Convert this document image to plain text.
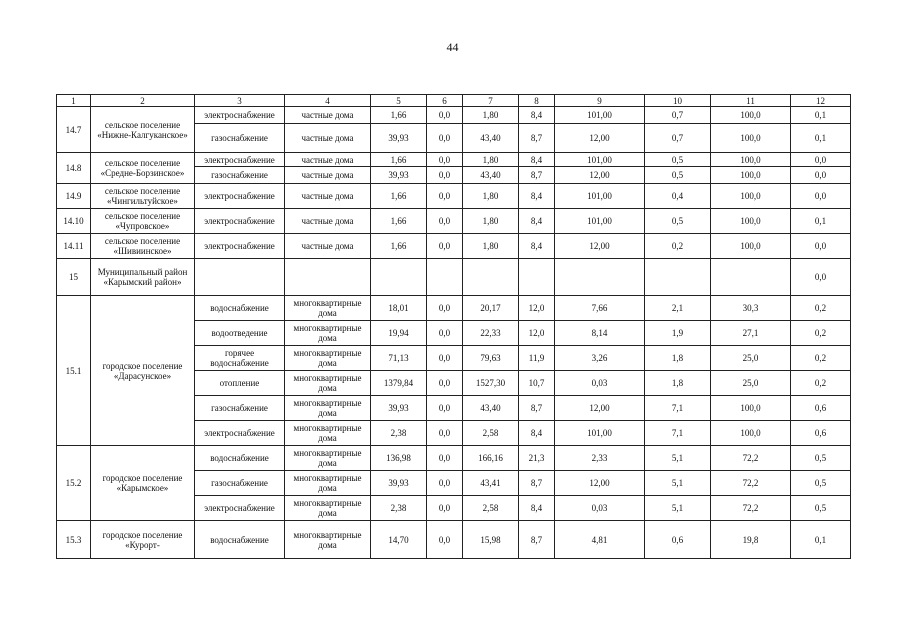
44
1	2	3	4	5	6	7	8	9	10	11	12
14.7	сельское поселение «Нижне-Калгуканское»	электроснабжение	частные дома	1,66	0,0	1,80	8,4	101,00	0,7	100,0	0,1
		газоснабжение	частные дома	39,93	0,0	43,40	8,7	12,00	0,7	100,0	0,1
14.8	сельское поселение «Средне-Борзинское»	электроснабжение	частные дома	1,66	0,0	1,80	8,4	101,00	0,5	100,0	0,0
		газоснабжение	частные дома	39,93	0,0	43,40	8,7	12,00	0,5	100,0	0,0
14.9	сельское поселение «Чингильтуйское»	электроснабжение	частные дома	1,66	0,0	1,80	8,4	101,00	0,4	100,0	0,0
14.10	сельское поселение «Чупровское»	электроснабжение	частные дома	1,66	0,0	1,80	8,4	101,00	0,5	100,0	0,1
14.11	сельское поселение «Шивиинское»	электроснабжение	частные дома	1,66	0,0	1,80	8,4	12,00	0,2	100,0	0,0
15	Муниципальный район «Карымский район»										0,0
15.1	городское поселение «Дарасунское»	водоснабжение	многоквартирные дома	18,01	0,0	20,17	12,0	7,66	2,1	30,3	0,2
		водоотведение	многоквартирные дома	19,94	0,0	22,33	12,0	8,14	1,9	27,1	0,2
		горячее водоснабжение	многоквартирные дома	71,13	0,0	79,63	11,9	3,26	1,8	25,0	0,2
		отопление	многоквартирные дома	1379,84	0,0	1527,30	10,7	0,03	1,8	25,0	0,2
		газоснабжение	многоквартирные дома	39,93	0,0	43,40	8,7	12,00	7,1	100,0	0,6
		электроснабжение	многоквартирные дома	2,38	0,0	2,58	8,4	101,00	7,1	100,0	0,6
15.2	городское поселение «Карымское»	водоснабжение	многоквартирные дома	136,98	0,0	166,16	21,3	2,33	5,1	72,2	0,5
		газоснабжение	многоквартирные дома	39,93	0,0	43,41	8,7	12,00	5,1	72,2	0,5
		электроснабжение	многоквартирные дома	2,38	0,0	2,58	8,4	0,03	5,1	72,2	0,5
15.3	городское поселение «Курорт-	водоснабжение	многоквартирные дома	14,70	0,0	15,98	8,7	4,81	0,6	19,8	0,1
